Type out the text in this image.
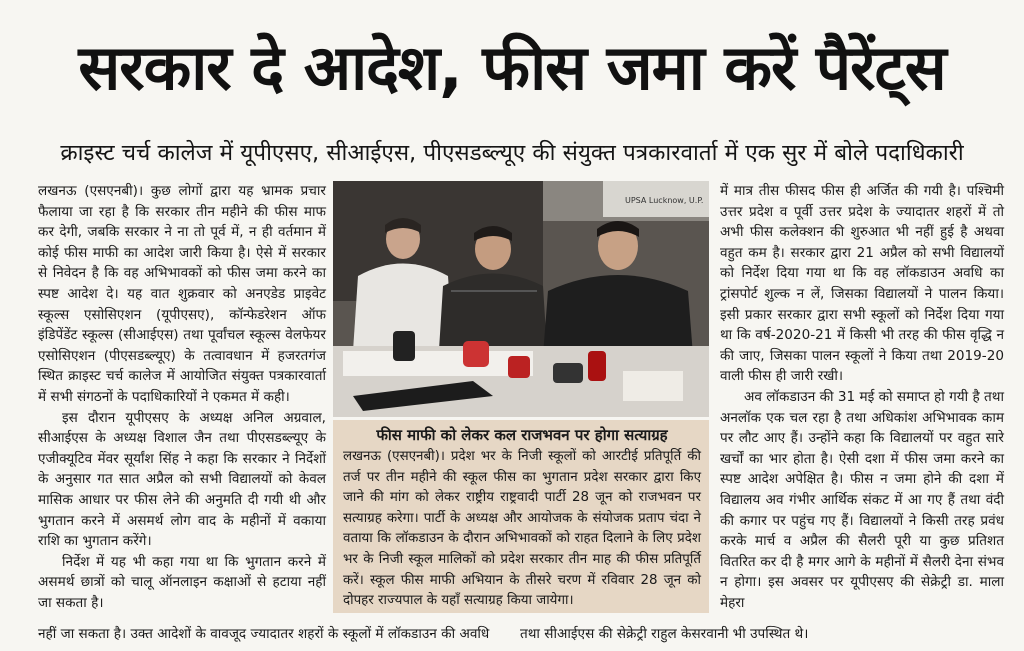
सरकार दे आदेश, फीस जमा करें पैरेंट्स
क्राइस्ट चर्च कालेज में यूपीएसए, सीआईएस, पीएसडब्ल्यूए की संयुक्त पत्रकारवार्ता में एक सुर में बोले पदाधिकारी

लखनऊ (एसएनबी)। कुछ लोगों द्वारा यह भ्रामक प्रचार फैलाया जा रहा है कि सरकार तीन महीने की फीस माफ कर देगी, जबकि सरकार ने ना तो पूर्व में, न ही वर्तमान में कोई फीस माफी का आदेश जारी किया है। ऐसे में सरकार से निवेदन है कि वह अभिभावकों को फीस जमा करने का स्पष्ट आदेश दे। यह वात शुक्रवार को अनएडेड प्राइवेट स्कूल्स एसोसिएशन (यूपीएसए), कॉन्फेडरेशन ऑफ इंडिपेंडेंट स्कूल्स (सीआईएस) तथा पूर्वांचल स्कूल्स वेलफेयर एसोसिएशन (पीएसडब्ल्यूए) के तत्वावधान में हजरतगंज स्थित क्राइस्ट चर्च कालेज में आयोजित संयुक्त पत्रकारवार्ता में सभी संगठनों के पदाधिकारियों ने एकमत में कही।

इस दौरान यूपीएसए के अध्यक्ष अनिल अग्रवाल, सीआईएस के अध्यक्ष विशाल जैन तथा पीएसडब्ल्यूए के एजीक्यूटिव मेंवर सूर्यांश सिंह ने कहा कि सरकार ने निर्देशों के अनुसार गत सात अप्रैल को सभी विद्यालयों को केवल मासिक आधार पर फीस लेने की अनुमति दी गयी थी और भुगतान करने में असमर्थ लोग वाद के महीनों में वकाया राशि का भुगतान करेंगे।

निर्देश में यह भी कहा गया था कि भुगतान करने में असमर्थ छात्रों को चालू ऑनलाइन कक्षाओं से हटाया नहीं जा सकता है।

UPSA Lucknow, U.P.
फीस माफी को लेकर कल राजभवन पर होगा सत्याग्रह
लखनऊ (एसएनबी)। प्रदेश भर के निजी स्कूलों को आरटीई प्रतिपूर्ति की तर्ज पर तीन महीने की स्कूल फीस का भुगतान प्रदेश सरकार द्वारा किए जाने की मांग को लेकर राष्ट्रीय राष्ट्रवादी पार्टी 28 जून को राजभवन पर सत्याग्रह करेगा। पार्टी के अध्यक्ष और आयोजक के संयोजक प्रताप चंदा ने वताया कि लॉकडाउन के दौरान अभिभावकों को राहत दिलाने के लिए प्रदेश भर के निजी स्कूल मालिकों को प्रदेश सरकार तीन माह की फीस प्रतिपूर्ति करें। स्कूल फीस माफी अभियान के तीसरे चरण में रविवार 28 जून को दोपहर राज्यपाल के यहाँ सत्याग्रह किया जायेगा।

में मात्र तीस फीसद फीस ही अर्जित की गयी है। पश्चिमी उत्तर प्रदेश व पूर्वी उत्तर प्रदेश के ज्यादातर शहरों में तो अभी फीस कलेक्शन की शुरुआत भी नहीं हुई है अथवा वहुत कम है। सरकार द्वारा 21 अप्रैल को सभी विद्यालयों को निर्देश दिया गया था कि वह लॉकडाउन अवधि का ट्रांसपोर्ट शुल्क न लें, जिसका विद्यालयों ने पालन किया। इसी प्रकार सरकार द्वारा सभी स्कूलों को निर्देश दिया गया था कि वर्ष-2020-21 में किसी भी तरह की फीस वृद्धि न की जाए, जिसका पालन स्कूलों ने किया तथा 2019-20 वाली फीस ही जारी रखी।

अव लॉकडाउन की 31 मई को समाप्त हो गयी है तथा अनलॉक एक चल रहा है तथा अधिकांश अभिभावक काम पर लौट आए हैं। उन्होंने कहा कि विद्यालयों पर वहुत सारे खर्चों का भार होता है। ऐसी दशा में फीस जमा करने का स्पष्ट आदेश अपेक्षित है। फीस न जमा होने की दशा में विद्यालय अव गंभीर आर्थिक संकट में आ गए हैं तथा वंदी की कगार पर पहुंच गए हैं। विद्यालयों ने किसी तरह प्रवंध करके मार्च व अप्रैल की सैलरी पूरी या कुछ प्रतिशत वितरित कर दी है मगर आगे के महीनों में सैलरी देना संभव न होगा। इस अवसर पर यूपीएसए की सेक्रेट्री डा. माला मेहरा

नहीं जा सकता है। उक्त आदेशों के वावजूद ज्यादातर शहरों के स्कूलों में लॉकडाउन की अवधि तथा सीआईएस की सेक्रेट्री राहुल केसरवानी भी उपस्थित थे।
